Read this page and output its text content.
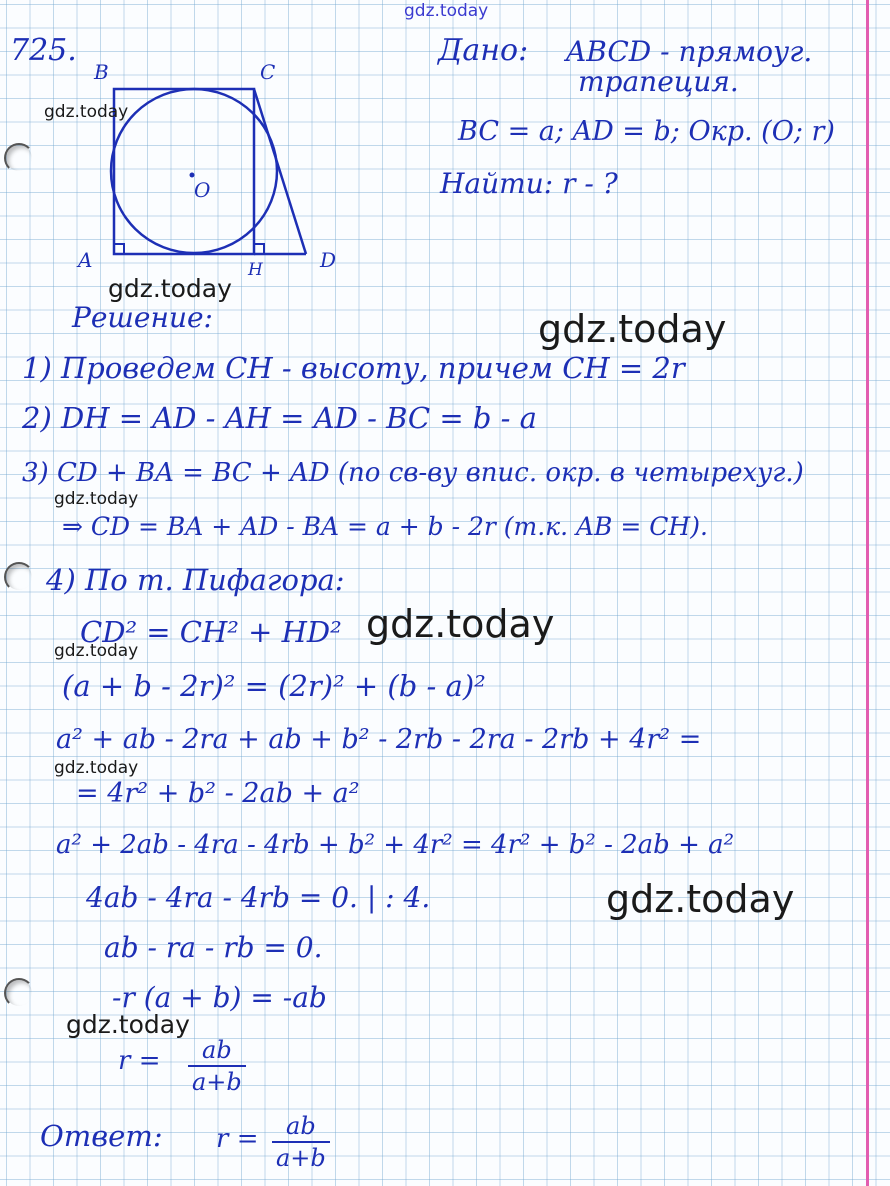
gdz.today
725.
B	C
A	D
H
O
gdz.today
Дано: ABCD - прямоуг.
трапеция.
BC = a; AD = b; Окр. (O; r)
Найти: r - ?
gdz.today
Решение:	gdz.today
1) Проведем CH - высоту, причем CH = 2r
2) DH = AD - AH = AD - BC = b - a
3) CD + BA = BC + AD (по св-ву впис. окр. в четырехуг.)
gdz.today
⇒ CD = BA + AD - BA = a + b - 2r (т.к. AB = CH).
4) По т. Пифагора:
CD² = CH² + HD² gdz.today
gdz.today
(a + b - 2r)² = (2r)² + (b - a)²
a² + ab - 2ra + ab + b² - 2rb - 2ra - 2rb + 4r² =
gdz.today
= 4r² + b² - 2ab + a²
a² + 2ab - 4ra - 4rb + b² + 4r² = 4r² + b² - 2ab + a²
4ab - 4ra - 4rb = 0. | : 4.	gdz.today
ab - ra - rb = 0.
-r (a + b) = -ab
gdz.today
$r = \frac{ab}{a+b}$
Ответ: $r = \frac{ab}{a+b}$
